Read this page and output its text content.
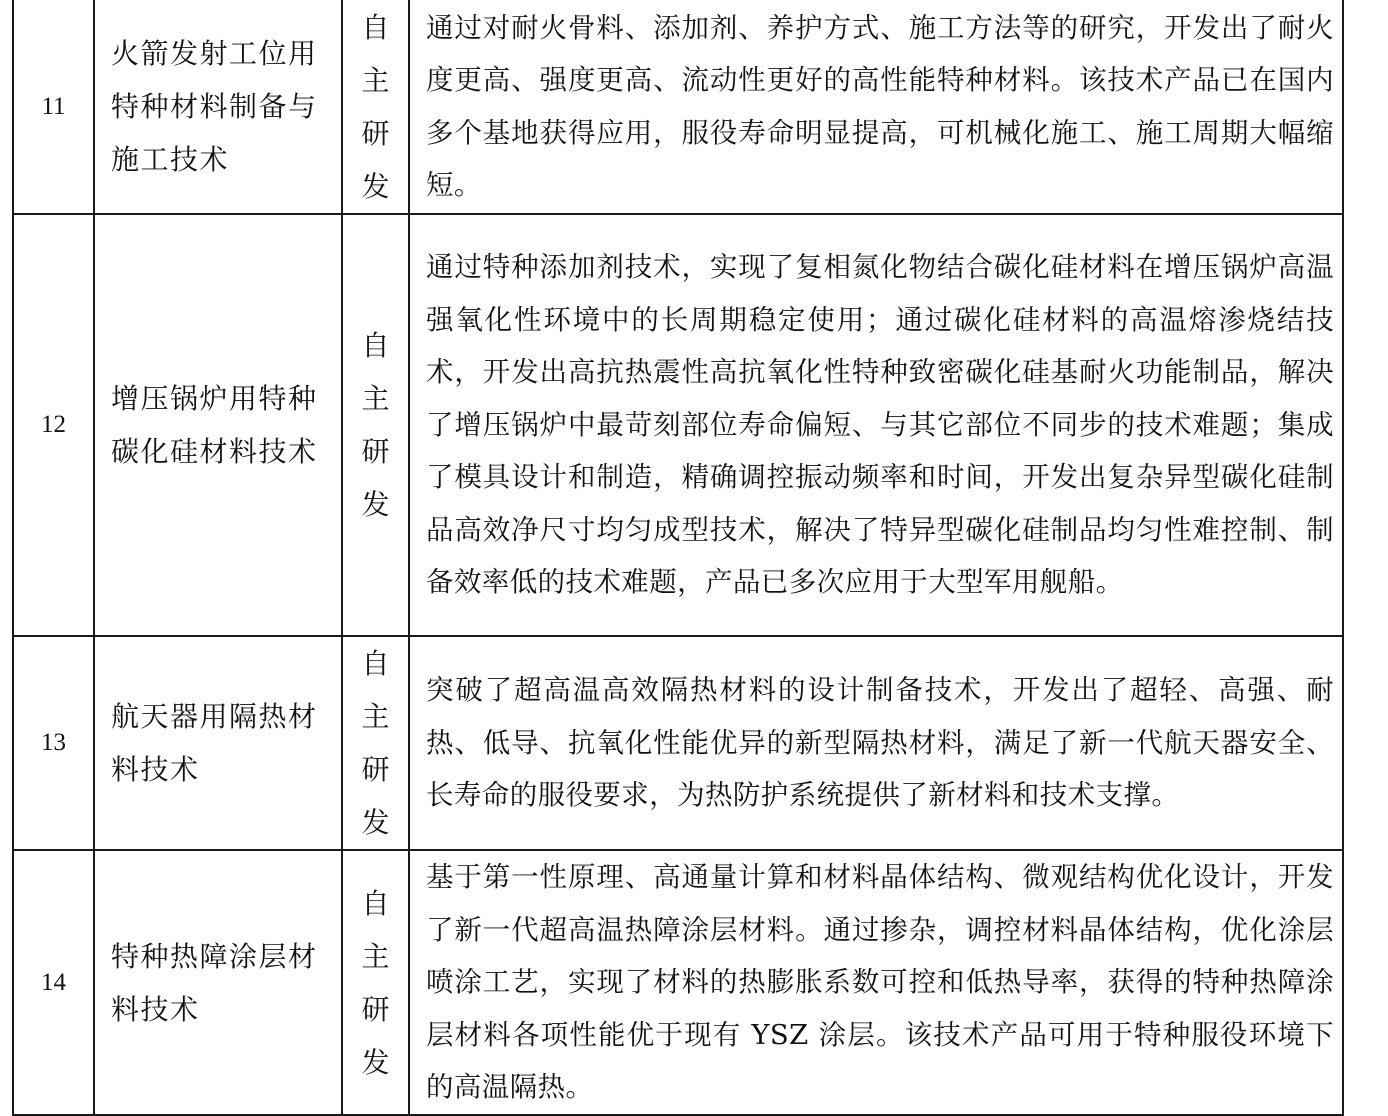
11	火箭发射工位用特种材料制备与施工技术	自主研发	通过对耐火骨料、添加剂、养护方式、施工方法等的研究，开发出了耐火度更高、强度更高、流动性更好的高性能特种材料。该技术产品已在国内多个基地获得应用，服役寿命明显提高，可机械化施工、施工周期大幅缩短。
12	增压锅炉用特种碳化硅材料技术	自主研发	通过特种添加剂技术，实现了复相氮化物结合碳化硅材料在增压锅炉高温强氧化性环境中的长周期稳定使用；通过碳化硅材料的高温熔渗烧结技术，开发出高抗热震性高抗氧化性特种致密碳化硅基耐火功能制品，解决了增压锅炉中最苛刻部位寿命偏短、与其它部位不同步的技术难题；集成了模具设计和制造，精确调控振动频率和时间，开发出复杂异型碳化硅制品高效净尺寸均匀成型技术，解决了特异型碳化硅制品均匀性难控制、制备效率低的技术难题，产品已多次应用于大型军用舰船。
13	航天器用隔热材料技术	自主研发	突破了超高温高效隔热材料的设计制备技术，开发出了超轻、高强、耐热、低导、抗氧化性能优异的新型隔热材料，满足了新一代航天器安全、长寿命的服役要求，为热防护系统提供了新材料和技术支撑。
14	特种热障涂层材料技术	自主研发	基于第一性原理、高通量计算和材料晶体结构、微观结构优化设计，开发了新一代超高温热障涂层材料。通过掺杂，调控材料晶体结构，优化涂层喷涂工艺，实现了材料的热膨胀系数可控和低热导率，获得的特种热障涂层材料各项性能优于现有 YSZ 涂层。该技术产品可用于特种服役环境下的高温隔热。
